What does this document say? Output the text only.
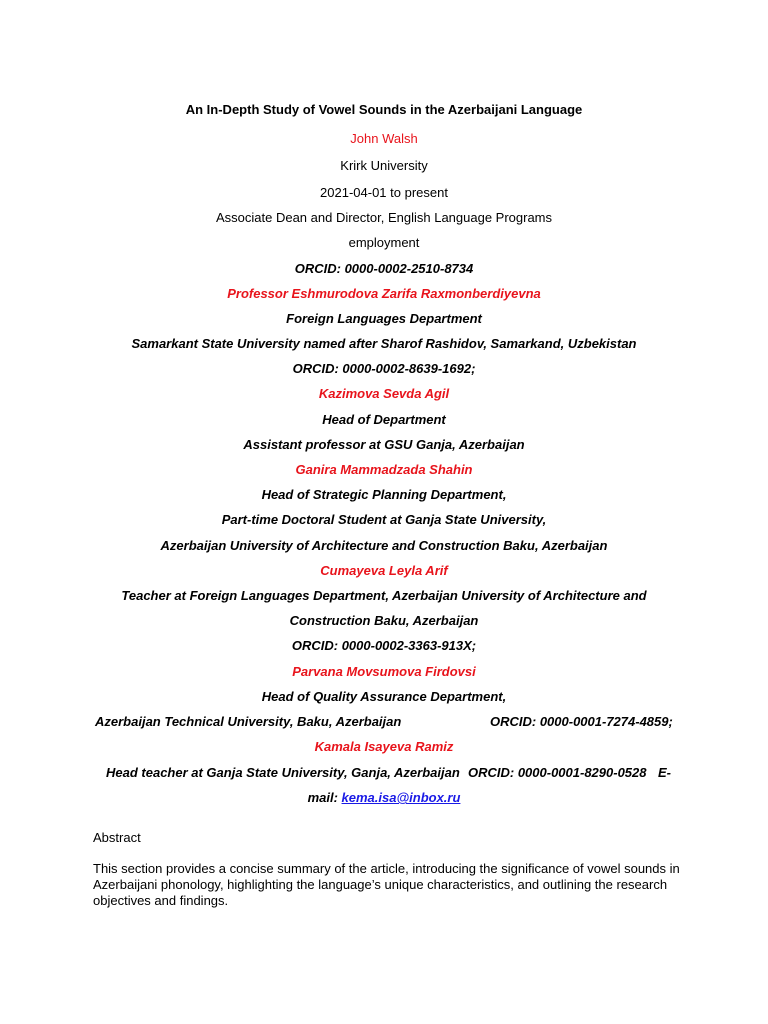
An In-Depth Study of Vowel Sounds in the Azerbaijani Language
John Walsh
Krirk University
2021-04-01 to present
Associate Dean and Director, English Language Programs
employment
ORCID: 0000-0002-2510-8734
Professor Eshmurodova Zarifa Raxmonberdiyevna
Foreign Languages Department
Samarkant State University named after Sharof Rashidov, Samarkand, Uzbekistan
ORCID: 0000-0002-8639-1692;
Kazimova Sevda Agil
Head of Department
Assistant professor at GSU Ganja, Azerbaijan
Ganira Mammadzada Shahin
Head of Strategic Planning Department,
Part-time Doctoral Student at Ganja State University,
Azerbaijan University of Architecture and Construction Baku, Azerbaijan
Cumayeva Leyla Arif
Teacher at Foreign Languages Department, Azerbaijan University of Architecture and
Construction Baku, Azerbaijan
ORCID: 0000-0002-3363-913X;
Parvana Movsumova Firdovsi
Head of Quality Assurance Department,
Azerbaijan Technical University, Baku, Azerbaijan	ORCID: 0000-0001-7274-4859;
Kamala Isayeva Ramiz
Head teacher at Ganja State University, Ganja, Azerbaijan ORCID: 0000-0001-8290-0528 E-
mail: kema.isa@inbox.ru
Abstract
This section provides a concise summary of the article, introducing the significance of vowel sounds in Azerbaijani phonology, highlighting the language’s unique characteristics, and outlining the research objectives and findings.
